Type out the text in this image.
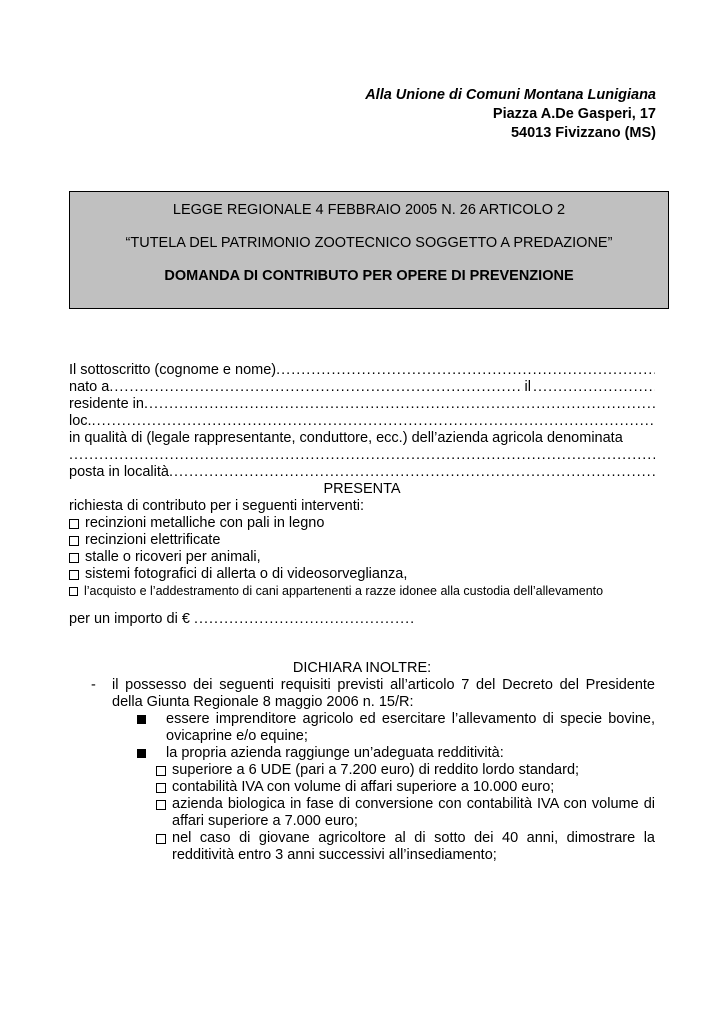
Alla Unione di Comuni Montana Lunigiana
Piazza A.De Gasperi, 17
54013 Fivizzano (MS)
LEGGE REGIONALE 4 FEBBRAIO 2005 N. 26 ARTICOLO 2
“TUTELA DEL PATRIMONIO ZOOTECNICO SOGGETTO A PREDAZIONE”
DOMANDA DI CONTRIBUTO PER OPERE DI PREVENZIONE
Il sottoscritto (cognome e nome)
.....
nato a
.....	il
.....
residente in
.....
loc.
.....
in qualità di (legale rappresentante, conduttore, ecc.) dell’azienda agricola denominata
.....
posta in località
.....
PRESENTA
richiesta di contributo per i seguenti interventi:
recinzioni metalliche con pali in legno
recinzioni elettrificate
stalle o ricoveri per animali,
sistemi fotografici di allerta o di videosorveglianza,
l’acquisto e l’addestramento di cani appartenenti a razze idonee alla custodia dell’allevamento
per un importo di € ............................................
DICHIARA INOLTRE:
- il possesso dei seguenti requisiti previsti all’articolo 7 del Decreto del Presidente della Giunta Regionale 8 maggio 2006 n. 15/R:
essere imprenditore agricolo ed esercitare l’allevamento di specie bovine, ovicaprine e/o equine;
la propria azienda raggiunge un’adeguata redditività:
superiore a 6 UDE (pari a 7.200 euro) di reddito lordo standard;
contabilità IVA con volume di affari superiore a 10.000 euro;
azienda biologica in fase di conversione con contabilità IVA con volume di affari superiore a 7.000 euro;
nel caso di giovane agricoltore al di sotto dei 40 anni, dimostrare la redditività entro 3 anni successivi all’insediamento;
